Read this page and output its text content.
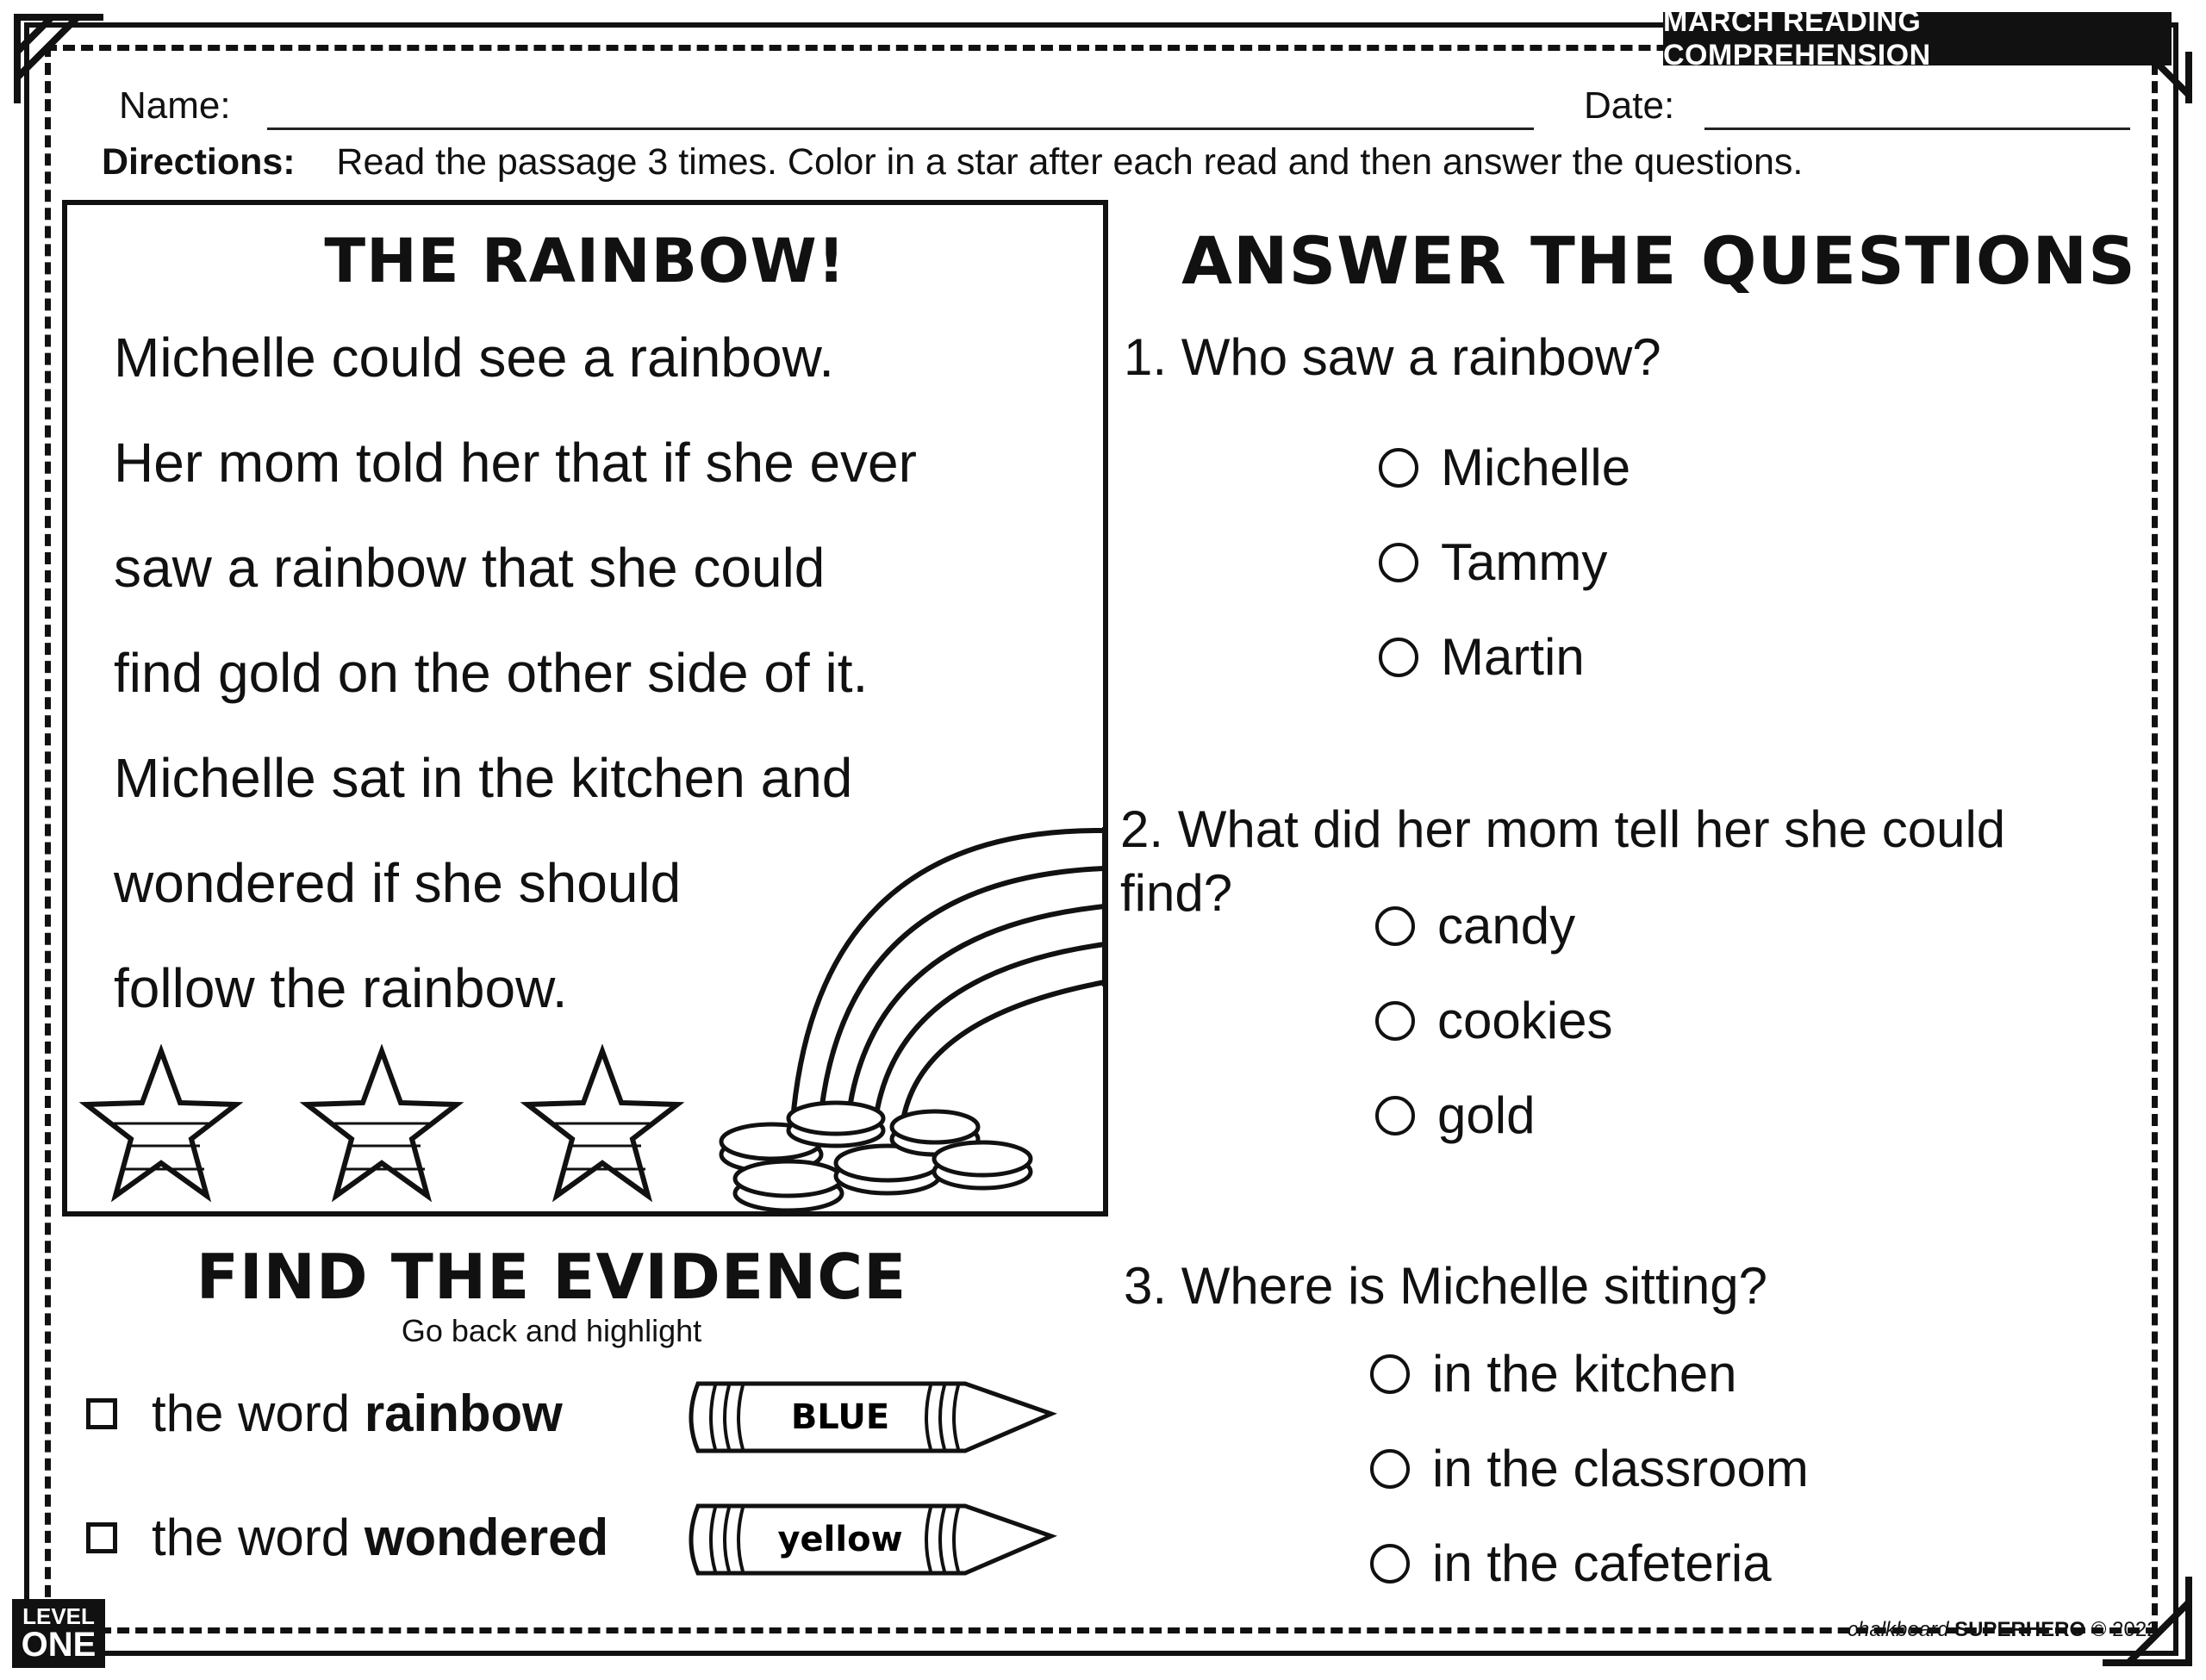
MARCH READING COMPREHENSION
Name:	Date:
Directions: Read the passage 3 times. Color in a star after each read and then answer the questions.
THE RAINBOW!
Michelle could see a rainbow.
Her mom told her that if she ever
saw a rainbow that she could
find gold on the other side of it.
Michelle sat in the kitchen and
wondered if she should
follow the rainbow.
ANSWER THE QUESTIONS
1. Who saw a rainbow?
Michelle
Tammy
Martin
2. What did her mom tell her she could
find?
candy
cookies
gold
3. Where is Michelle sitting?
in the kitchen
in the classroom
in the cafeteria
FIND THE EVIDENCE
Go back and highlight
the word
rainbow
the word
wondered
BLUE
yellow
LEVEL
ONE	chalkboard SUPERHERO © 2022
